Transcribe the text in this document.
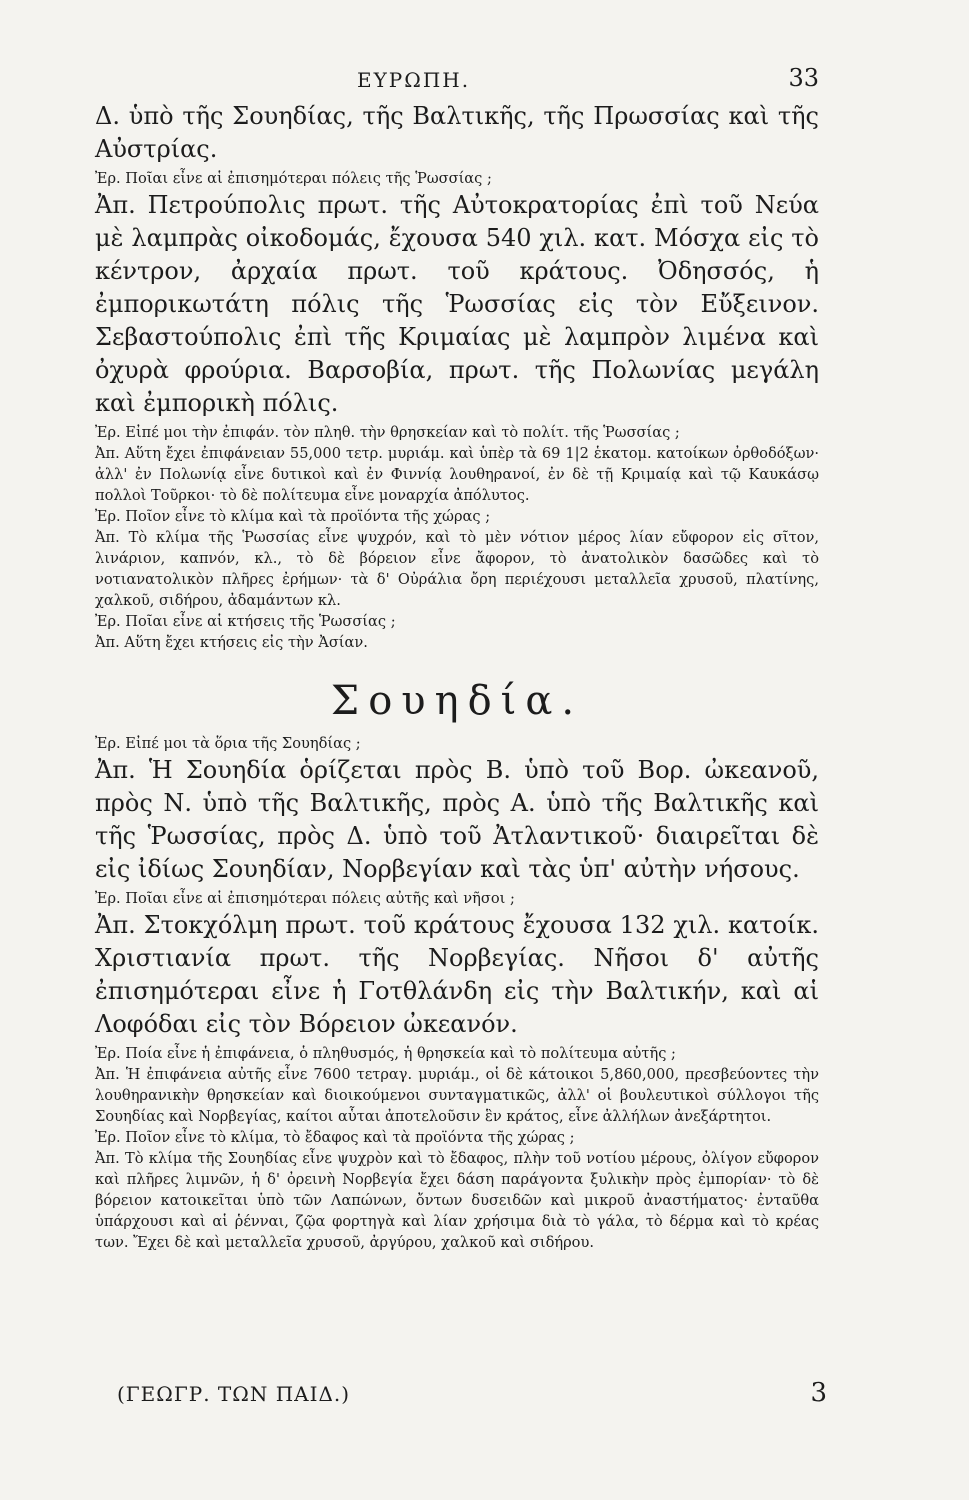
ΕΥΡΩΠΗ.	33

Δ. ὑπὸ τῆς Σουηδίας, τῆς Βαλτικῆς, τῆς Πρωσσίας καὶ τῆς Αὐστρίας.

Ἐρ. Ποῖαι εἶνε αἱ ἐπισημότεραι πόλεις τῆς Ῥωσσίας ;

Ἀπ. Πετρούπολις πρωτ. τῆς Αὐτοκρατορίας ἐπὶ τοῦ Νεύα μὲ λαμπρὰς οἰκοδομάς, ἔχουσα 540 χιλ. κατ. Μόσχα εἰς τὸ κέντρον, ἀρχαία πρωτ. τοῦ κράτους. Ὀδησσός, ἡ ἐμπορικωτάτη πόλις τῆς Ῥωσσίας εἰς τὸν Εὔξεινον. Σεβαστούπολις ἐπὶ τῆς Κριμαίας μὲ λαμπρὸν λιμένα καὶ ὀχυρὰ φρούρια. Βαρσοβία, πρωτ. τῆς Πολωνίας μεγάλη καὶ ἐμπορικὴ πόλις.

Ἐρ. Εἰπέ μοι τὴν ἐπιφάν. τὸν πληθ. τὴν θρησκείαν καὶ τὸ πολίτ. τῆς Ῥωσσίας ;

Ἀπ. Αὕτη ἔχει ἐπιφάνειαν 55,000 τετρ. μυριάμ. καὶ ὑπὲρ τὰ 69 1|2 ἑκατομ. κατοίκων ὀρθοδόξων· ἀλλ' ἐν Πολωνίᾳ εἶνε δυτικοὶ καὶ ἐν Φιννίᾳ λουθηρανοί, ἐν δὲ τῇ Κριμαίᾳ καὶ τῷ Καυκάσῳ πολλοὶ Τοῦρκοι· τὸ δὲ πολίτευμα εἶνε μοναρχία ἀπόλυτος.

Ἐρ. Ποῖον εἶνε τὸ κλίμα καὶ τὰ προϊόντα τῆς χώρας ;

Ἀπ. Τὸ κλίμα τῆς Ῥωσσίας εἶνε ψυχρόν, καὶ τὸ μὲν νότιον μέρος λίαν εὔφορον εἰς σῖτον, λινάριον, καπνόν, κλ., τὸ δὲ βόρειον εἶνε ἄφορον, τὸ ἀνατολικὸν δασῶδες καὶ τὸ νοτιανατολικὸν πλῆρες ἐρήμων· τὰ δ' Οὐράλια ὄρη περιέχουσι μεταλλεῖα χρυσοῦ, πλατίνης, χαλκοῦ, σιδήρου, ἀδαμάντων κλ.

Ἐρ. Ποῖαι εἶνε αἱ κτήσεις τῆς Ῥωσσίας ;

Ἀπ. Αὕτη ἔχει κτήσεις εἰς τὴν Ἀσίαν.

Σουηδία.

Ἐρ. Εἰπέ μοι τὰ ὅρια τῆς Σουηδίας ;

Ἀπ. Ἡ Σουηδία ὁρίζεται πρὸς Β. ὑπὸ τοῦ Βορ. ὠκεανοῦ, πρὸς Ν. ὑπὸ τῆς Βαλτικῆς, πρὸς Α. ὑπὸ τῆς Βαλτικῆς καὶ τῆς Ῥωσσίας, πρὸς Δ. ὑπὸ τοῦ Ἀτλαντικοῦ· διαιρεῖται δὲ εἰς ἰδίως Σουηδίαν, Νορβεγίαν καὶ τὰς ὑπ' αὐτὴν νήσους.

Ἐρ. Ποῖαι εἶνε αἱ ἐπισημότεραι πόλεις αὐτῆς καὶ νῆσοι ;

Ἀπ. Στοκχόλμη πρωτ. τοῦ κράτους ἔχουσα 132 χιλ. κατοίκ. Χριστιανία πρωτ. τῆς Νορβεγίας. Νῆσοι δ' αὐτῆς ἐπισημότεραι εἶνε ἡ Γοτθλάνδη εἰς τὴν Βαλτικήν, καὶ αἱ Λοφόδαι εἰς τὸν Βόρειον ὠκεανόν.

Ἐρ. Ποία εἶνε ἡ ἐπιφάνεια, ὁ πληθυσμός, ἡ θρησκεία καὶ τὸ πολίτευμα αὐτῆς ;

Ἀπ. Ἡ ἐπιφάνεια αὐτῆς εἶνε 7600 τετραγ. μυριάμ., οἱ δὲ κάτοικοι 5,860,000, πρεσβεύοντες τὴν λουθηρανικὴν θρησκείαν καὶ διοικούμενοι συνταγματικῶς, ἀλλ' οἱ βουλευτικοὶ σύλλογοι τῆς Σουηδίας καὶ Νορβεγίας, καίτοι αὗται ἀποτελοῦσιν ἓν κράτος, εἶνε ἀλλήλων ἀνεξάρτητοι.

Ἐρ. Ποῖον εἶνε τὸ κλίμα, τὸ ἔδαφος καὶ τὰ προϊόντα τῆς χώρας ;

Ἀπ. Τὸ κλίμα τῆς Σουηδίας εἶνε ψυχρὸν καὶ τὸ ἔδαφος, πλὴν τοῦ νοτίου μέρους, ὀλίγον εὔφορον καὶ πλῆρες λιμνῶν, ἡ δ' ὀρεινὴ Νορβεγία ἔχει δάση παράγοντα ξυλικὴν πρὸς ἐμπορίαν· τὸ δὲ βόρειον κατοικεῖται ὑπὸ τῶν Λαπώνων, ὄντων δυσειδῶν καὶ μικροῦ ἀναστήματος· ἐνταῦθα ὑπάρχουσι καὶ αἱ ῥένναι, ζῷα φορτηγὰ καὶ λίαν χρήσιμα διὰ τὸ γάλα, τὸ δέρμα καὶ τὸ κρέας των. Ἔχει δὲ καὶ μεταλλεῖα χρυσοῦ, ἀργύρου, χαλκοῦ καὶ σιδήρου.

(ΓΕΩΓΡ. ΤΩΝ ΠΑΙΔ.)	3
